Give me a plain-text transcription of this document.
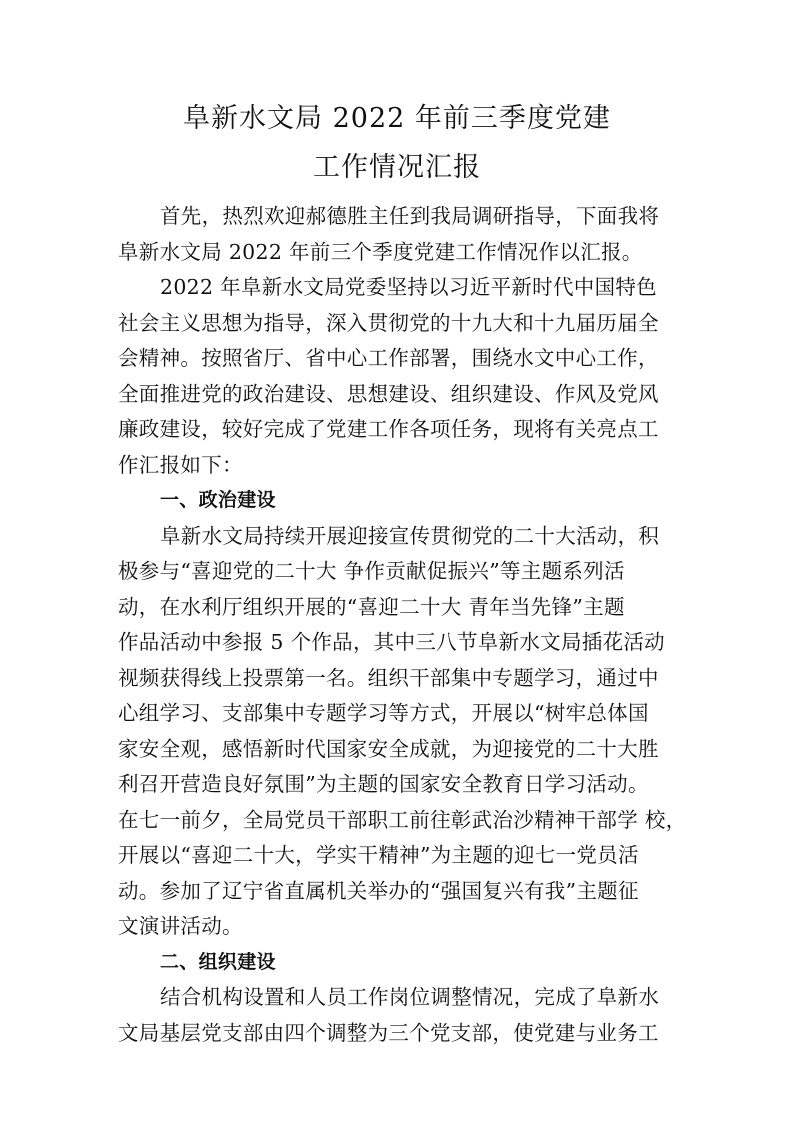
阜新水文局 2022 年前三季度党建
工作情况汇报
首先，热烈欢迎郝德胜主任到我局调研指导，下面我将
阜新水文局 2022 年前三个季度党建工作情况作以汇报。
2022 年阜新水文局党委坚持以习近平新时代中国特色
社会主义思想为指导，深入贯彻党的十九大和十九届历届全
会精神。按照省厅、省中心工作部署，围绕水文中心工作，
全面推进党的政治建设、思想建设、组织建设、作风及党风
廉政建设，较好完成了党建工作各项任务，现将有关亮点工
作汇报如下：
一、政治建设
阜新水文局持续开展迎接宣传贯彻党的二十大活动，积
极参与“喜迎党的二十大 争作贡献促振兴”等主题系列活
动，在水利厅组织开展的“喜迎二十大 青年当先锋”主题
作品活动中参报 5 个作品，其中三八节阜新水文局插花活动
视频获得线上投票第一名。组织干部集中专题学习，通过中
心组学习、支部集中专题学习等方式，开展以“树牢总体国
家安全观，感悟新时代国家安全成就，为迎接党的二十大胜
利召开营造良好氛围”为主题的国家安全教育日学习活动。
在七一前夕，全局党员干部职工前往彰武治沙精神干部学 校，
开展以“喜迎二十大，学实干精神”为主题的迎七一党员活
动。参加了辽宁省直属机关举办的“强国复兴有我”主题征
文演讲活动。
二、组织建设
结合机构设置和人员工作岗位调整情况，完成了阜新水
文局基层党支部由四个调整为三个党支部，使党建与业务工
